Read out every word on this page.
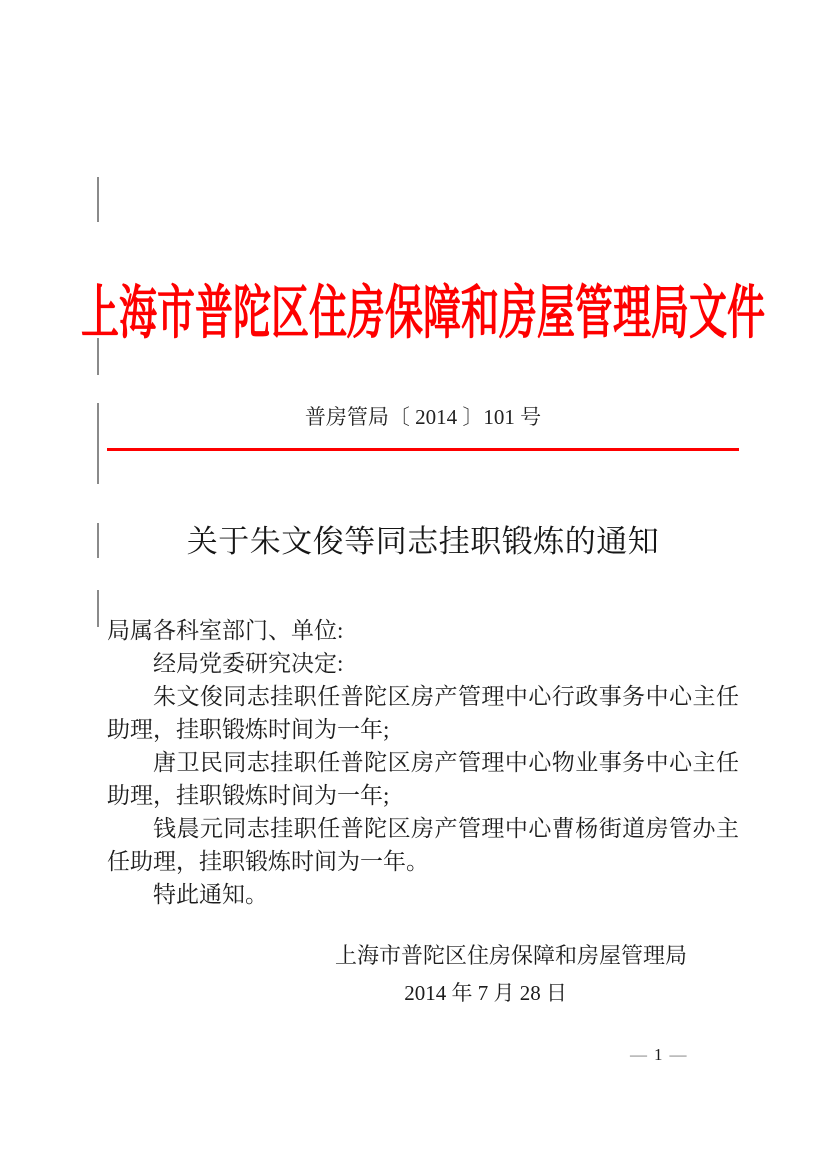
上海市普陀区住房保障和房屋管理局文件
普房管局〔 2014 〕101 号
关于朱文俊等同志挂职锻炼的通知

局属各科室部门、单位:

经局党委研究决定:

朱文俊同志挂职任普陀区房产管理中心行政事务中心主任助理，挂职锻炼时间为一年;

唐卫民同志挂职任普陀区房产管理中心物业事务中心主任助理，挂职锻炼时间为一年;

钱晨元同志挂职任普陀区房产管理中心曹杨街道房管办主任助理，挂职锻炼时间为一年。

特此通知。

上海市普陀区住房保障和房屋管理局
2014 年 7 月 28 日
— 1 —
